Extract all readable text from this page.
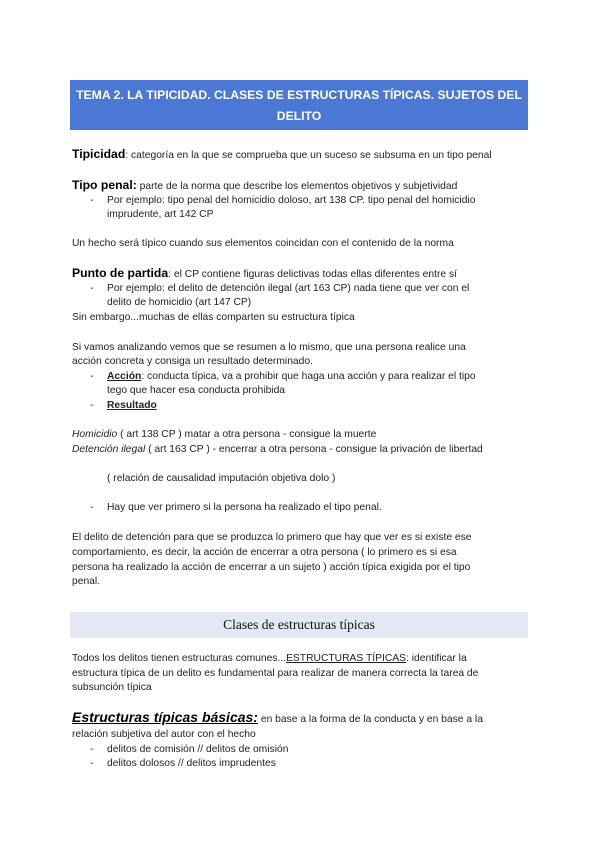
TEMA 2. LA TIPICIDAD. CLASES DE ESTRUCTURAS TÍPICAS. SUJETOS DEL
DELITO
Tipicidad: categoría en la que se comprueba que un suceso se subsuma en un tipo penal
Tipo penal: parte de la norma que describe los elementos objetivos y subjetividad
- Por ejemplo: tipo penal del homicidio doloso, art 138 CP. tipo penal del homicidio
imprudente, art 142 CP
Un hecho será típico cuando sus elementos coincidan con el contenido de la norma
Punto de partida: el CP contiene figuras delictivas todas ellas diferentes entre sí
- Por ejemplo: el delito de detención ilegal (art 163 CP) nada tiene que ver con el
delito de homicidio (art 147 CP)
Sin embargo...muchas de ellas comparten su estructura típica
Si vamos analizando vemos que se resumen a lo mismo, que una persona realice una
acción concreta y consiga un resultado determinado.
- Acción: conducta típica, va a prohibir que haga una acción y para realizar el tipo
tego que hacer esa conducta prohibida
- Resultado
Homicidio ( art 138 CP ) matar a otra persona - consigue la muerte
Detención ilegal ( art 163 CP ) - encerrar a otra persona - consigue la privación de libertad
( relación de causalidad imputación objetiva dolo )
- Hay que ver primero si la persona ha realizado el tipo penal.
El delito de detención para que se produzca lo primero que hay que ver es si existe ese
comportamiento, es decir, la acción de encerrar a otra persona ( lo primero es si esa
persona ha realizado la acción de encerrar a un sujeto ) acción típica exigida por el tipo
penal.
Clases de estructuras típicas
Todos los delitos tienen estructuras comunes...ESTRUCTURAS TÍPICAS: identificar la
estructura típica de un delito es fundamental para realizar de manera correcta la tarea de
subsunción típica
Estructuras típicas básicas: en base a la forma de la conducta y en base a la
relación subjetiva del autor con el hecho
- delitos de comisión // delitos de omisión
- delitos dolosos // delitos imprudentes
